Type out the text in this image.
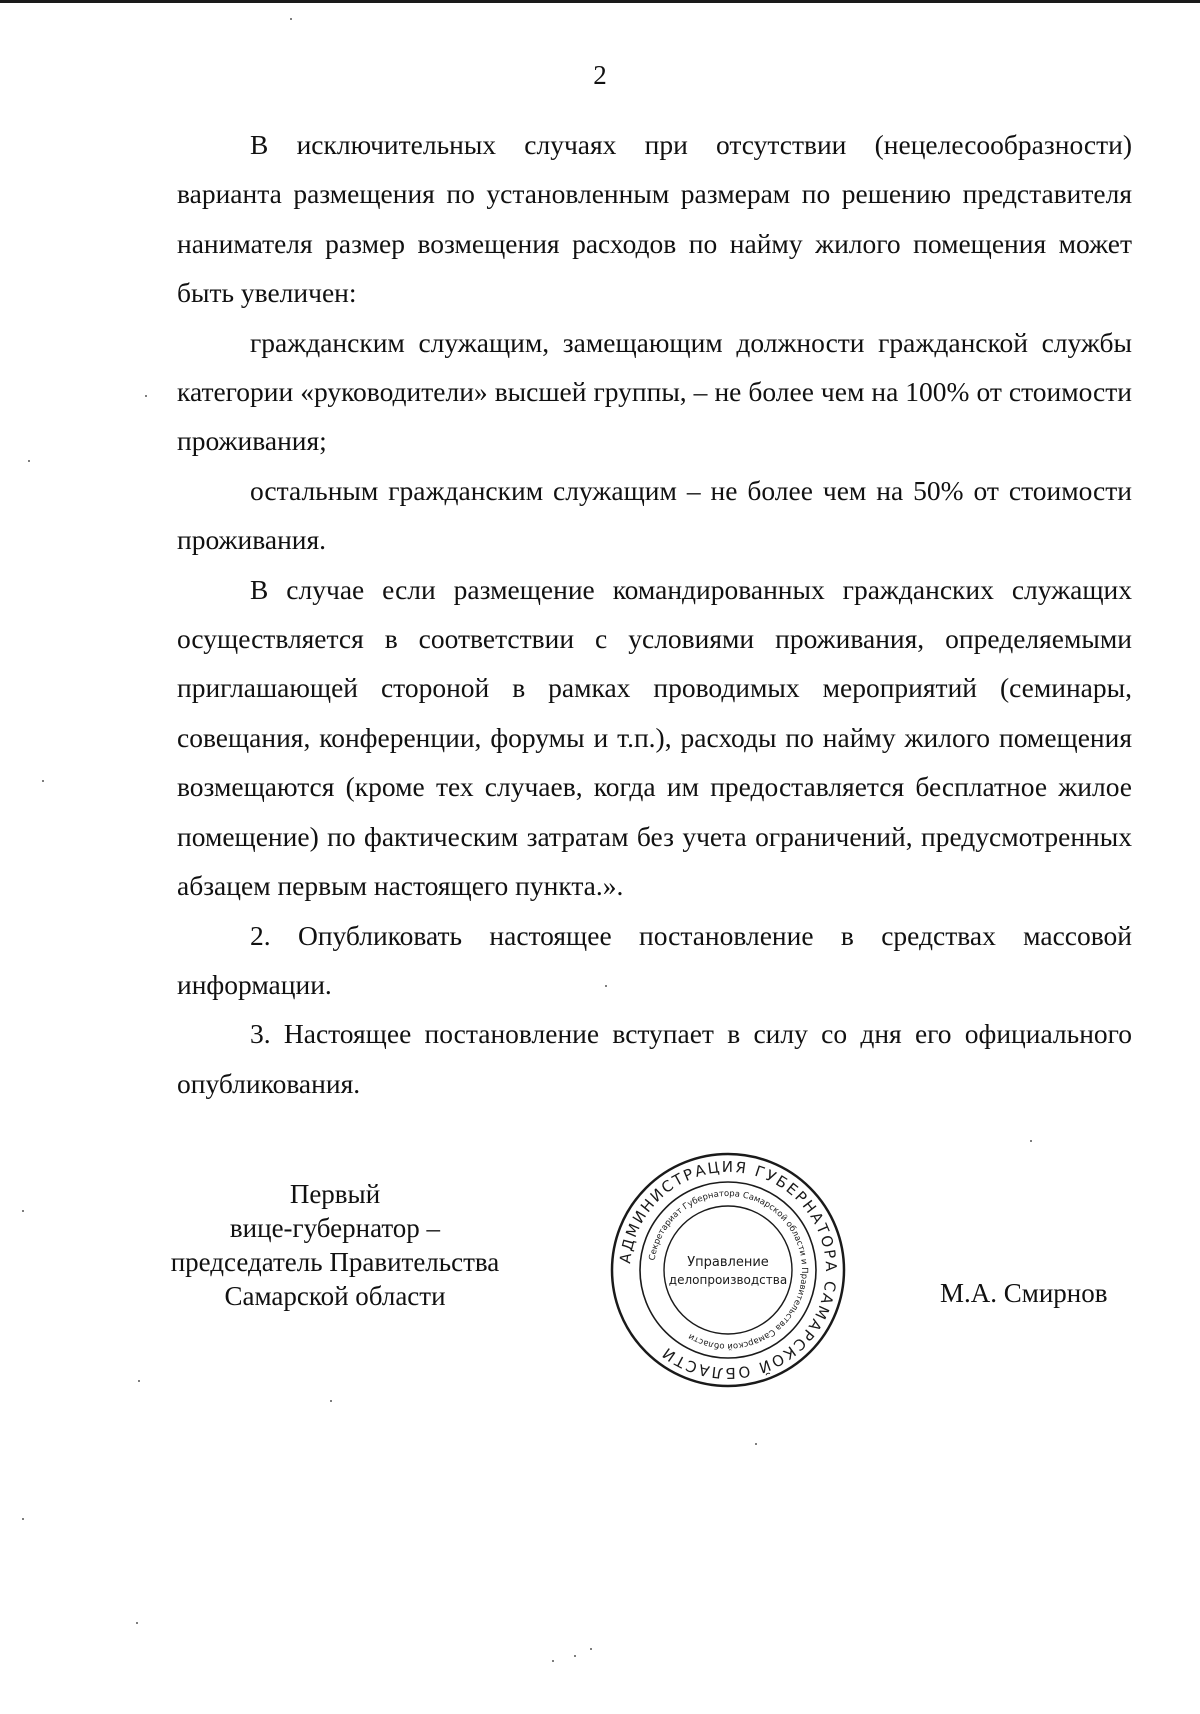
2

В исключительных случаях при отсутствии (нецелесообразности) варианта размещения по установленным размерам по решению представителя нанимателя размер возмещения расходов по найму жилого помещения может быть увеличен:

гражданским служащим, замещающим должности гражданской службы категории «руководители» высшей группы, – не более чем на 100% от стоимости проживания;

остальным гражданским служащим – не более чем на 50% от стоимости проживания.

В случае если размещение командированных гражданских служащих осуществляется в соответствии с условиями проживания, определяемыми приглашающей стороной в рамках проводимых мероприятий (семинары, совещания, конференции, форумы и т.п.), расходы по найму жилого помещения возмещаются (кроме тех случаев, когда им предоставляется бесплатное жилое помещение) по фактическим затратам без учета ограничений, предусмотренных абзацем первым настоящего пункта.».

2. Опубликовать настоящее постановление в средствах массовой информации.

3. Настоящее постановление вступает в силу со дня его официального опубликования.

Первый
вице-губернатор –
председатель Правительства
Самарской области
АДМИНИСТРАЦИЯ ГУБЕРНАТОРА САМАРСКОЙ ОБЛАСТИ
Секретариат Губернатора Самарской области и Правительства Самарской области
Управление
делопроизводства	М.А. Смирнов
